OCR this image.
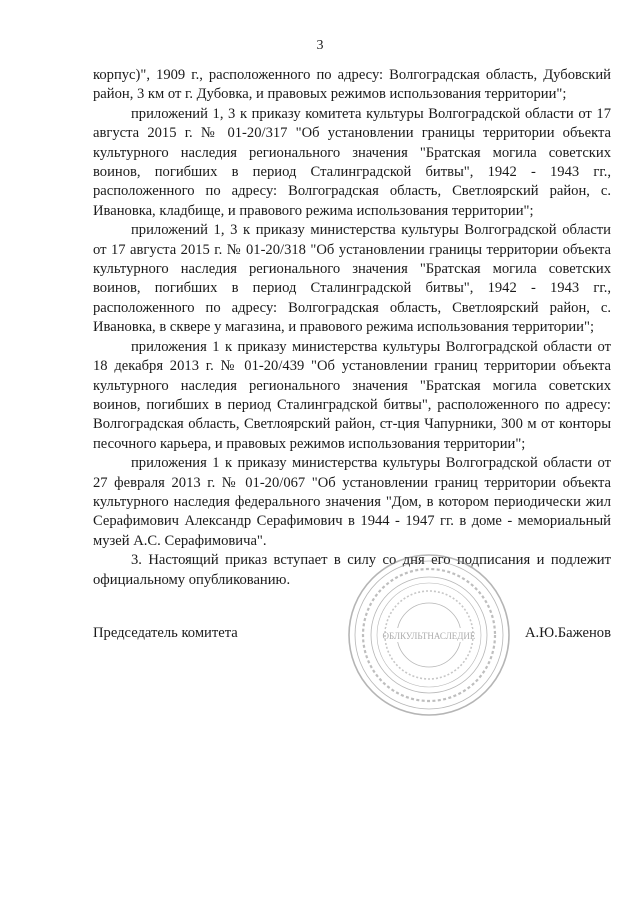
3

корпус)", 1909 г., расположенного по адресу: Волгоградская область, Дубовский район, 3 км от г. Дубовка, и правовых режимов использования территории";

приложений 1, 3 к приказу комитета культуры Волгоградской области от 17 августа 2015 г. № 01-20/317 "Об установлении границы территории объекта культурного наследия регионального значения "Братская могила советских воинов, погибших в период Сталинградской битвы", 1942 - 1943 гг., расположенного по адресу: Волгоградская область, Светлоярский район, с. Ивановка, кладбище, и правового режима использования территории";

приложений 1, 3 к приказу министерства культуры Волгоградской области от 17 августа 2015 г. № 01-20/318 "Об установлении границы территории объекта культурного наследия регионального значения "Братская могила советских воинов, погибших в период Сталинградской битвы", 1942 - 1943 гг., расположенного по адресу: Волгоградская область, Светлоярский район, с. Ивановка, в сквере у магазина, и правового режима использования территории";

приложения 1 к приказу министерства культуры Волгоградской области от 18 декабря 2013 г. № 01-20/439 "Об установлении границ территории объекта культурного наследия регионального значения "Братская могила советских воинов, погибших в период Сталинградской битвы", расположенного по адресу: Волгоградская область, Светлоярский район, ст-ция Чапурники, 300 м от конторы песочного карьера, и правовых режимов использования территории";

приложения 1 к приказу министерства культуры Волгоградской области от 27 февраля 2013 г. № 01-20/067 "Об установлении границ территории объекта культурного наследия федерального значения "Дом, в котором периодически жил Серафимович Александр Серафимович в 1944 - 1947 гг. в доме - мемориальный музей А.С. Серафимовича".

3. Настоящий приказ вступает в силу со дня его подписания и подлежит официальному опубликованию.

ОБЛКУЛЬТНАСЛЕДИЕ
Председатель комитета	А.Ю.Баженов
